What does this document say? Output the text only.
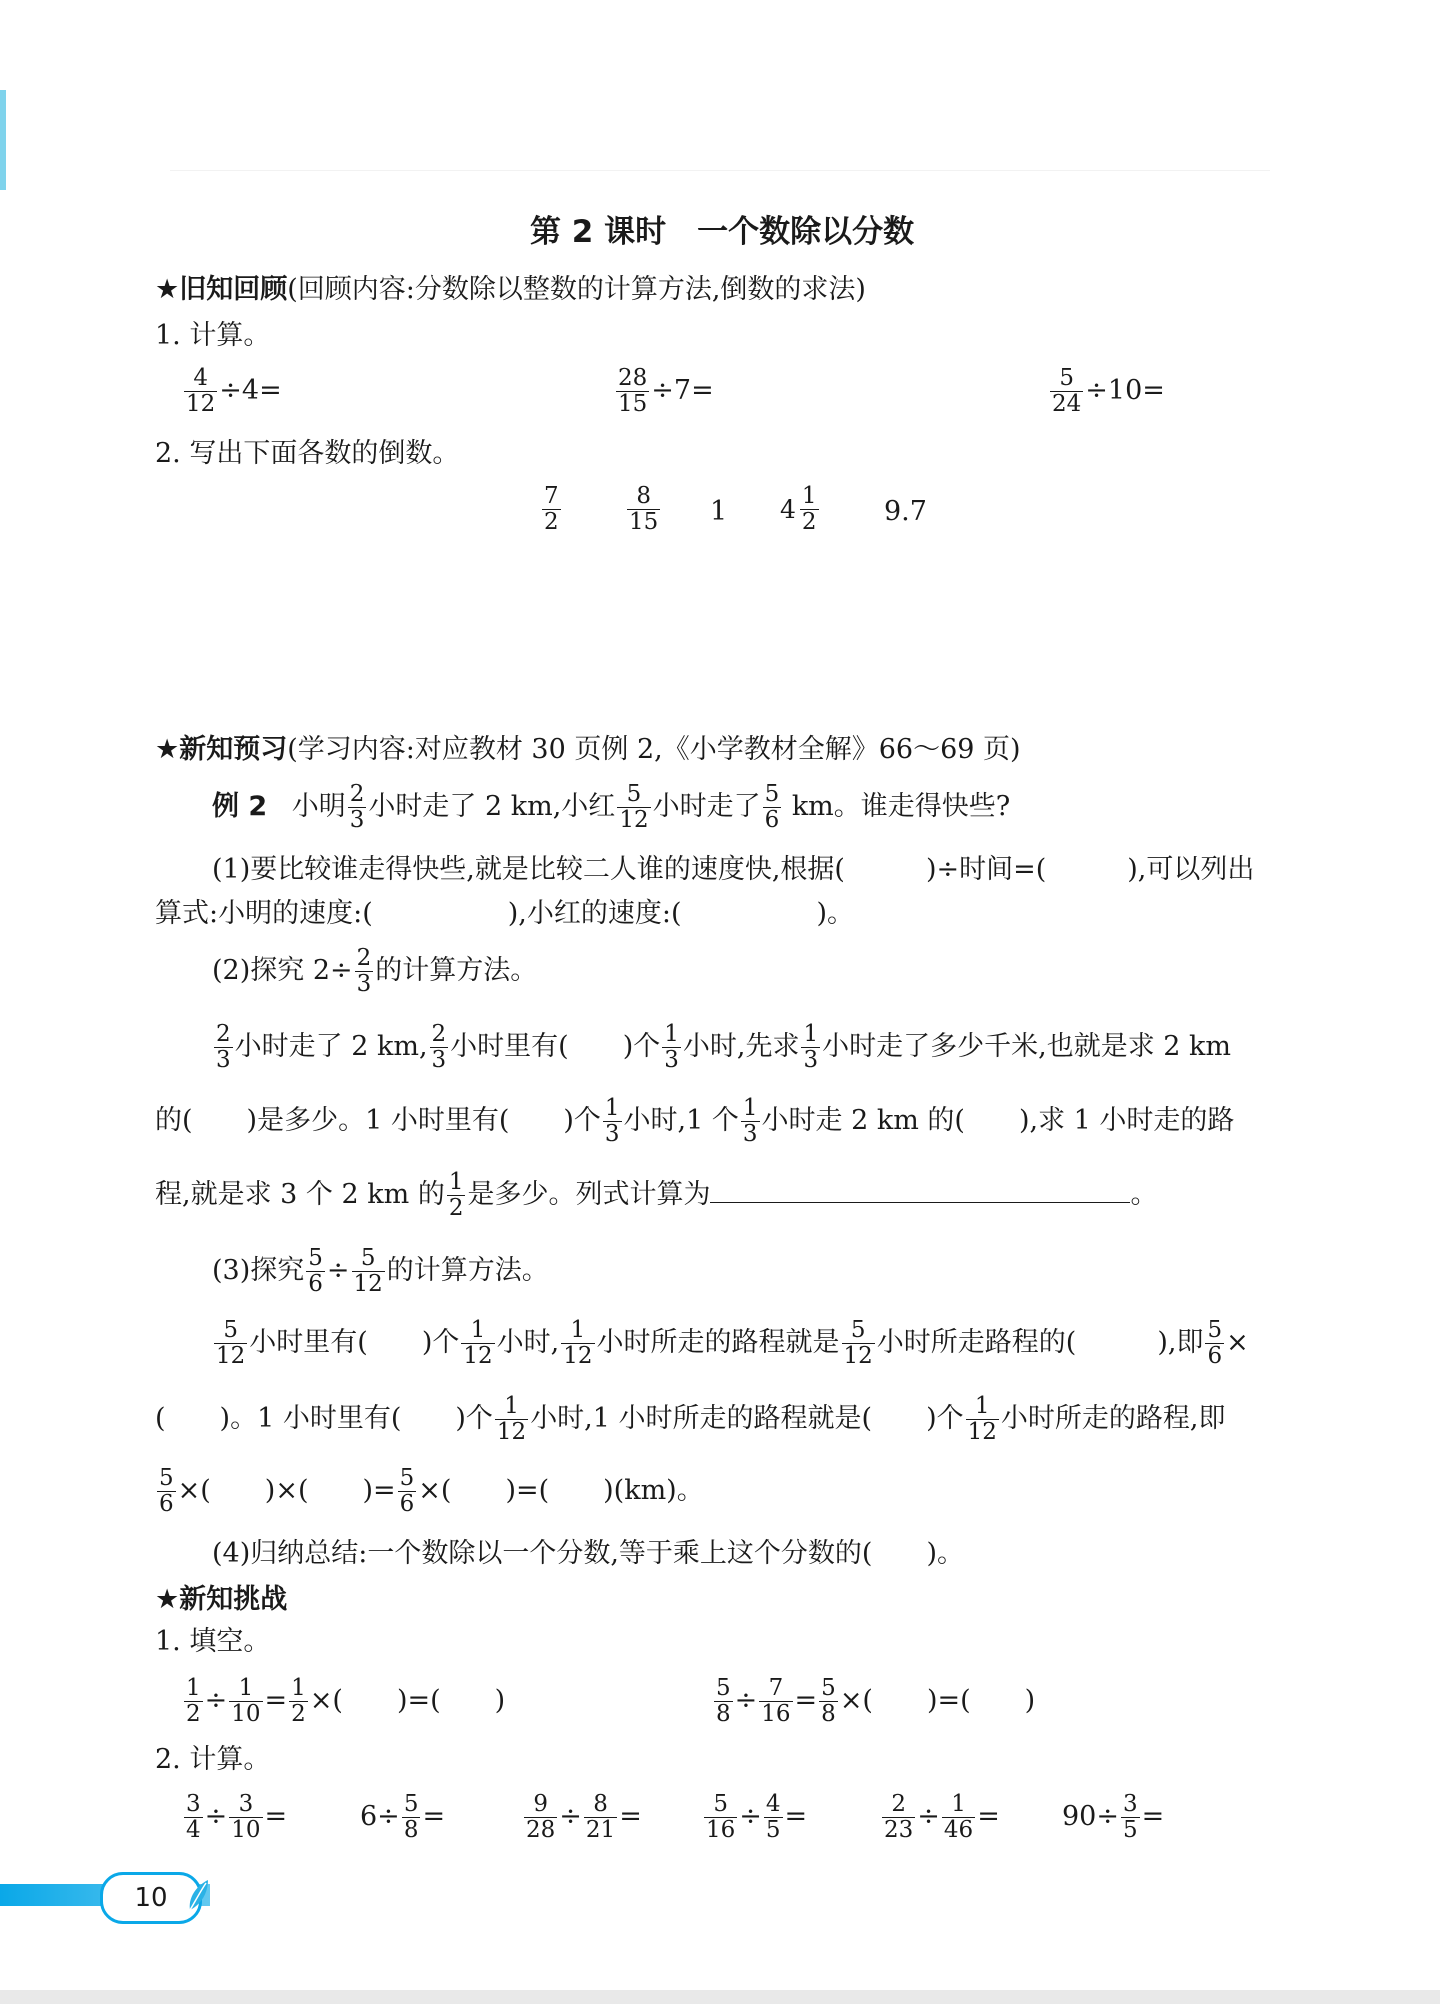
第 2 课时　一个数除以分数
★旧知回顾(回顾内容:分数除以整数的计算方法,倒数的求法)
1. 计算。
$\frac{4}{12} \div 4=$	$\frac{28}{15} \div 7=$	$\frac{5}{24} \div 10=$
2. 写出下面各数的倒数。
$\frac{7}{2}$	$\frac{8}{15} 1$ $4 \frac{1}{2} 9.7$
★新知预习(学习内容:对应教材 30 页例 2,《小学教材全解》66～69 页)
例 2 小明 $\frac{2}{3}$ 小时走了 2 km,小红 $\frac{5}{12}$ 小时走了 $\frac{5}{6}$ km。谁走得快些?
(1)要比较谁走得快些,就是比较二人谁的速度快,根据(　　　)÷时间=(　　　),可以列出
算式:小明的速度:(　　　　　),小红的速度:(　　　　　)。
(2)探究 $2\div \frac{2}{3}$ 的计算方法。
$\frac{2}{3}$ 小时走了 2 km, $\frac{2}{3}$ 小时里有(　　)个 $\frac{1}{3}$ 小时,先求 $\frac{1}{3}$ 小时走了多少千米,也就是求 2 km
的(　　)是多少。1 小时里有(　　)个 $\frac{1}{3}$ 小时,1 个 $\frac{1}{3}$ 小时走 2 km 的(　　),求 1 小时走的路
程,就是求 3 个 2 km 的 $\frac{1}{2}$ 是多少。列式计算为	。
(3)探究 $\frac{5}{6} \div \frac{5}{12}$ 的计算方法。
$\frac{5}{12}$ 小时里有(　　)个 $\frac{1}{12}$ 小时, $\frac{1}{12}$ 小时所走的路程就是 $\frac{5}{12}$ 小时所走路程的(　　　),即 $\frac{5}{6}$ ×
(　　)。1 小时里有(　　)个 $\frac{1}{12}$ 小时,1 小时所走的路程就是(　　)个 $\frac{1}{12}$ 小时所走的路程,即
$\frac{5}{6}$ ×(　　)×(　　)= $\frac{5}{6}$ ×(　　)=(　　)(km)。
(4)归纳总结:一个数除以一个分数,等于乘上这个分数的(　　)。
★新知挑战
1. 填空。
$\frac{1}{2} \div \frac{1}{10} = \frac{1}{2}$ ×(　　)=(　　)	$\frac{5}{8} \div \frac{7}{16} = \frac{5}{8}$ ×(　　)=(　　)
2. 计算。
$\frac{3}{4} \div \frac{3}{10}$ =	$6\div \frac{5}{8}$ =	$\frac{9}{28} \div \frac{8}{21}$ =	$\frac{5}{16} \div \frac{4}{5}$ =	$\frac{2}{23} \div \frac{1}{46} = 90\div \frac{3}{5}$ =
10
